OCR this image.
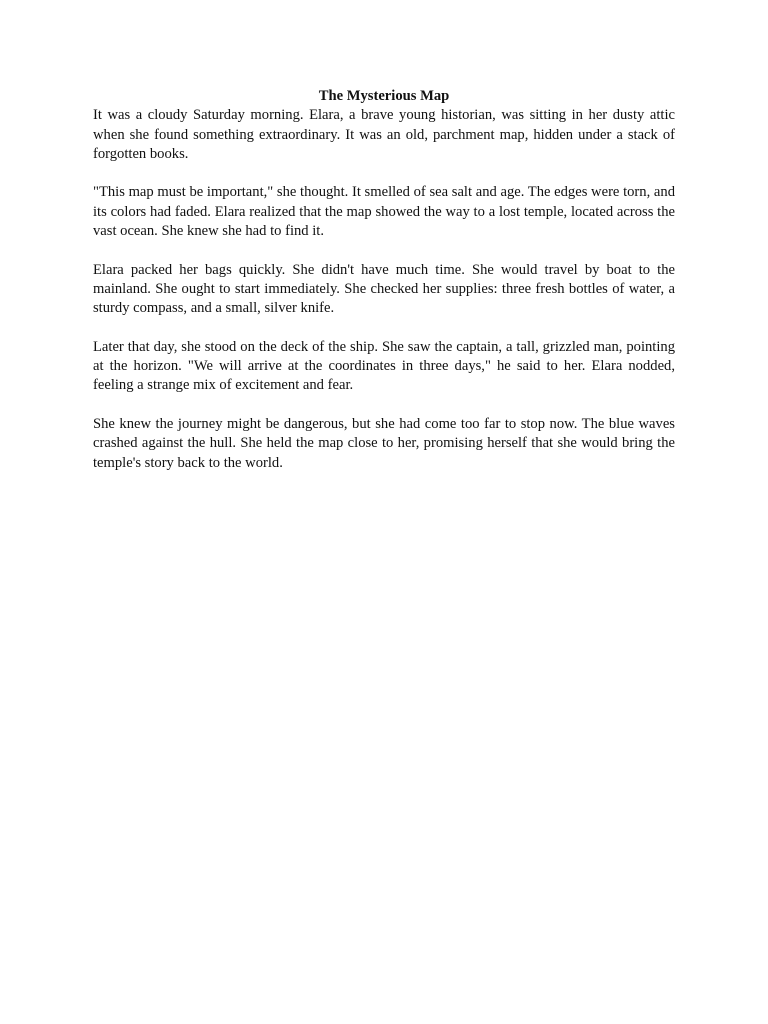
The Mysterious Map

It was a cloudy Saturday morning. Elara, a brave young historian, was sitting in her dusty attic when she found something extraordinary. It was an old, parchment map, hidden under a stack of forgotten books.

"This map must be important," she thought. It smelled of sea salt and age. The edges were torn, and its colors had faded. Elara realized that the map showed the way to a lost temple, located across the vast ocean. She knew she had to find it.

Elara packed her bags quickly. She didn't have much time. She would travel by boat to the mainland. She ought to start immediately. She checked her supplies: three fresh bottles of water, a sturdy compass, and a small, silver knife.

Later that day, she stood on the deck of the ship. She saw the captain, a tall, grizzled man, pointing at the horizon. "We will arrive at the coordinates in three days," he said to her. Elara nodded, feeling a strange mix of excitement and fear.

She knew the journey might be dangerous, but she had come too far to stop now. The blue waves crashed against the hull. She held the map close to her, promising herself that she would bring the temple's story back to the world.
